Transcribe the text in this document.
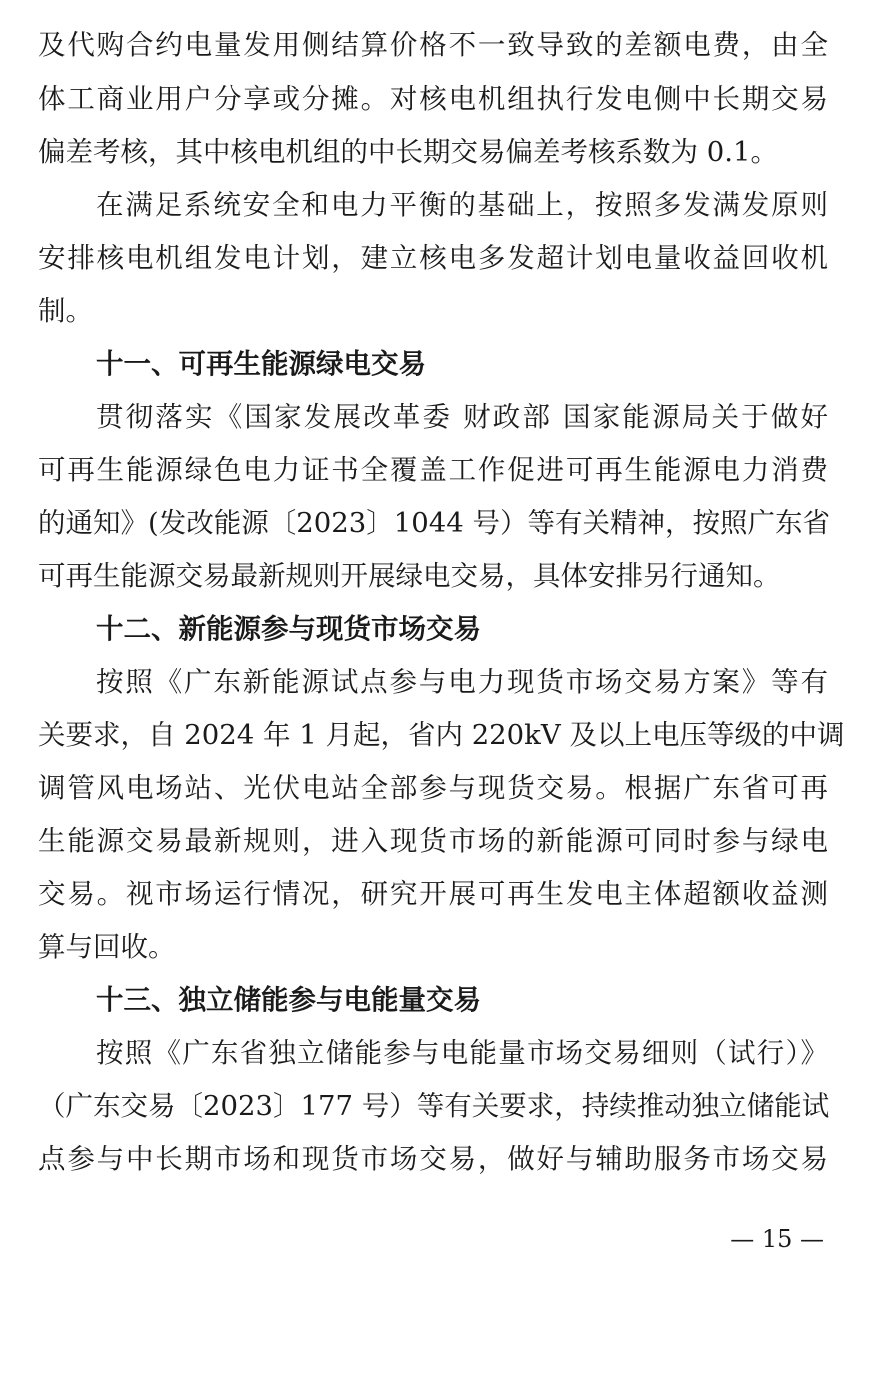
及代购合约电量发用侧结算价格不一致导致的差额电费，由全
体工商业用户分享或分摊。对核电机组执行发电侧中长期交易
偏差考核，其中核电机组的中长期交易偏差考核系数为 0.1。
在满足系统安全和电力平衡的基础上，按照多发满发原则
安排核电机组发电计划，建立核电多发超计划电量收益回收机
制。
十一、可再生能源绿电交易
贯彻落实《国家发展改革委 财政部 国家能源局关于做好
可再生能源绿色电力证书全覆盖工作促进可再生能源电力消费
的通知》(发改能源〔2023〕1044 号）等有关精神，按照广东省
可再生能源交易最新规则开展绿电交易，具体安排另行通知。
十二、新能源参与现货市场交易
按照《广东新能源试点参与电力现货市场交易方案》等有
关要求，自 2024 年 1 月起，省内 220kV 及以上电压等级的中调
调管风电场站、光伏电站全部参与现货交易。根据广东省可再
生能源交易最新规则，进入现货市场的新能源可同时参与绿电
交易。视市场运行情况，研究开展可再生发电主体超额收益测
算与回收。
十三、独立储能参与电能量交易
按照《广东省独立储能参与电能量市场交易细则（试行）》
（广东交易〔2023〕177 号）等有关要求，持续推动独立储能试
点参与中长期市场和现货市场交易，做好与辅助服务市场交易
— 15 —
